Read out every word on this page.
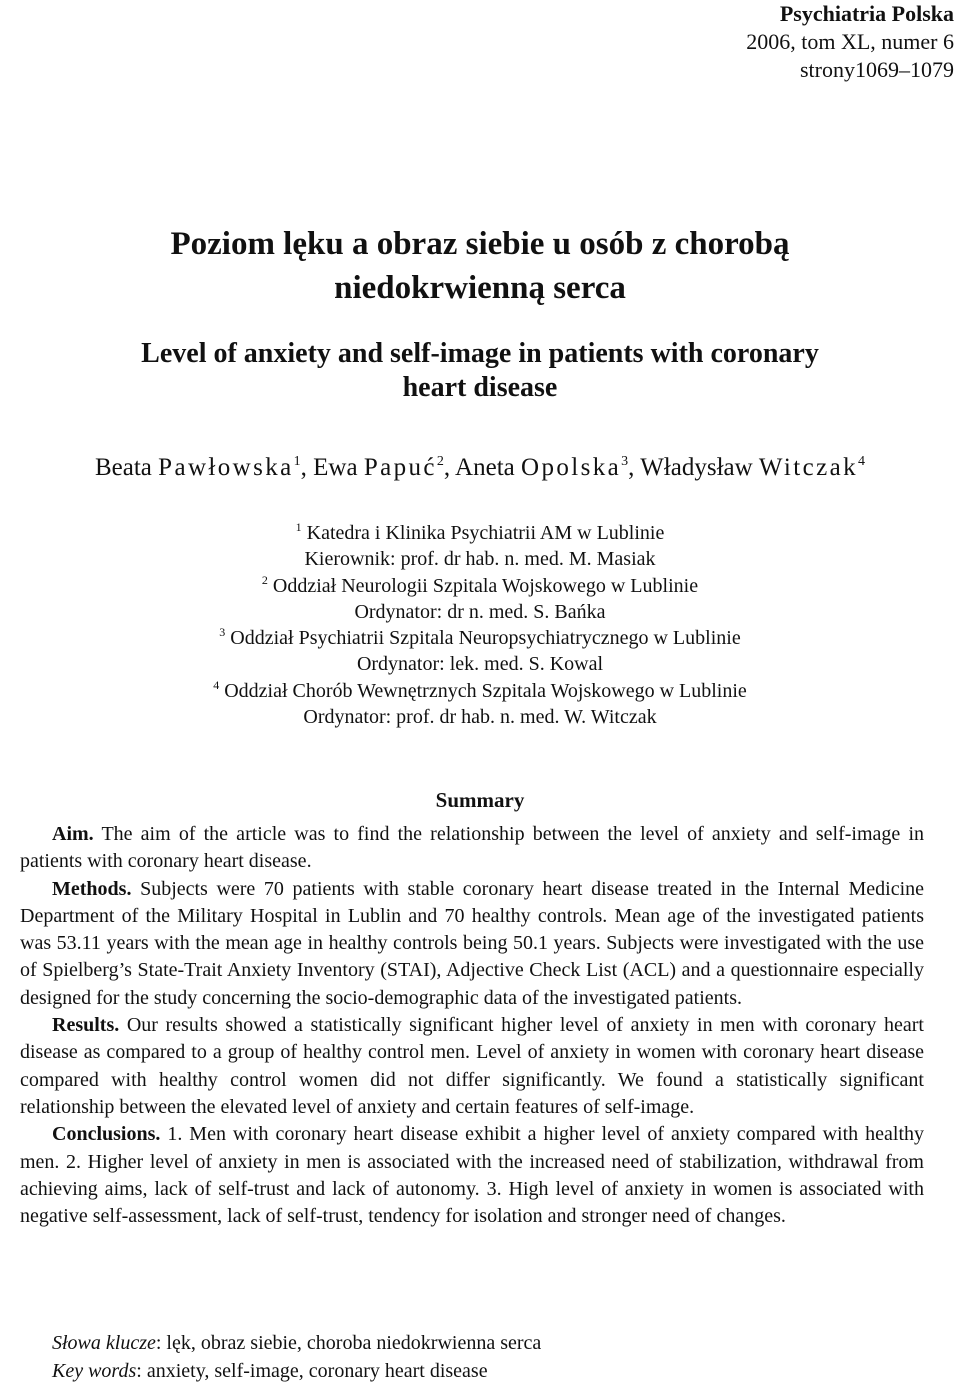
Psychiatria Polska
2006, tom XL, numer 6
strony1069–1079
Poziom lęku a obraz siebie u osób z chorobą
niedokrwienną serca
Level of anxiety and self-image in patients with coronary
heart disease
Beata Pawłowska$^1$, Ewa Papuć$^2$, Aneta Opolska$^3$, Władysław Witczak$^4$
$^1$ Katedra i Klinika Psychiatrii AM w Lublinie
Kierownik: prof. dr hab. n. med. M. Masiak
$^2$ Oddział Neurologii Szpitala Wojskowego w Lublinie
Ordynator: dr n. med. S. Bańka
$^3$ Oddział Psychiatrii Szpitala Neuropsychiatrycznego w Lublinie
Ordynator: lek. med. S. Kowal
$^4$ Oddział Chorób Wewnętrznych Szpitala Wojskowego w Lublinie
Ordynator: prof. dr hab. n. med. W. Witczak
Summary

Aim. The aim of the article was to find the relationship between the level of anxiety and self-image in patients with coronary heart disease.

Methods. Subjects were 70 patients with stable coronary heart disease treated in the Internal Medicine Department of the Military Hospital in Lublin and 70 healthy controls. Mean age of the investigated patients was 53.11 years with the mean age in healthy controls being 50.1 years. Subjects were investigated with the use of Spielberg’s State-Trait Anxiety Inventory (STAI), Adjective Check List (ACL) and a questionnaire especially designed for the study concerning the socio-demographic data of the investigated patients.

Results. Our results showed a statistically significant higher level of anxiety in men with coronary heart disease as compared to a group of healthy control men. Level of anxiety in women with coronary heart disease compared with healthy control women did not differ significantly. We found a statistically significant relationship between the elevated level of anxiety and certain features of self-image.

Conclusions. 1. Men with coronary heart disease exhibit a higher level of anxiety compared with healthy men. 2. Higher level of anxiety in men is associated with the increased need of stabilization, withdrawal from achieving aims, lack of self-trust and lack of autonomy. 3. High level of anxiety in women is associated with negative self-assessment, lack of self-trust, tendency for isolation and stronger need of changes.

Słowa klucze: lęk, obraz siebie, choroba niedokrwienna serca
Key words: anxiety, self-image, coronary heart disease
